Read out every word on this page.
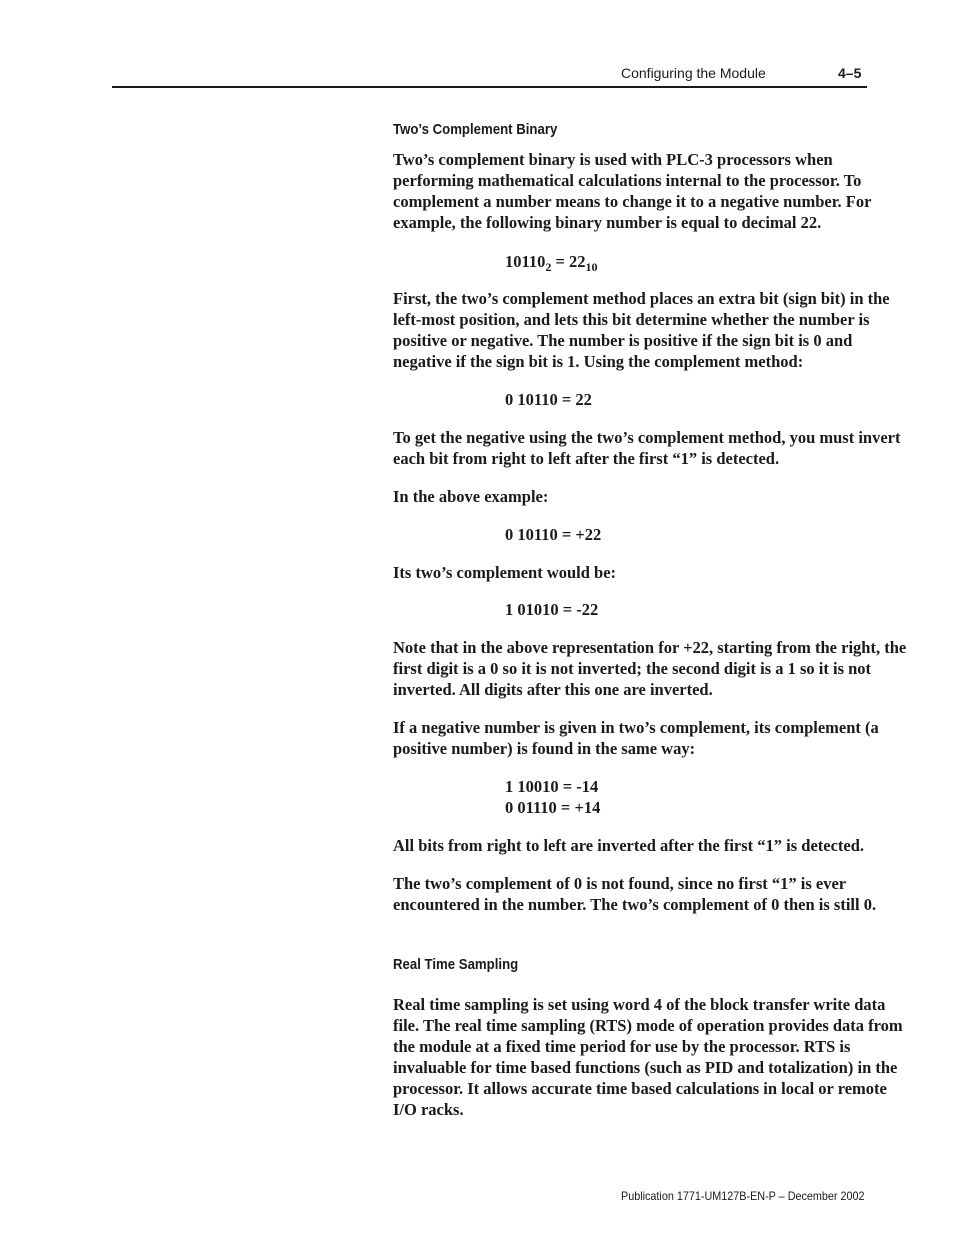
Configuring the Module	4–5
Two’s Complement Binary

Two’s complement binary is used with PLC-3 processors when performing mathematical calculations internal to the processor. To complement a number means to change it to a negative number. For example, the following binary number is equal to decimal 22.

$10110_2 = 22_{10}$

First, the two’s complement method places an extra bit (sign bit) in the left-most position, and lets this bit determine whether the number is positive or negative. The number is positive if the sign bit is 0 and negative if the sign bit is 1. Using the complement method:

0 10110 = 22

To get the negative using the two’s complement method, you must invert each bit from right to left after the first “1” is detected.

In the above example:

0 10110 = +22

Its two’s complement would be:

1 01010 = -22

Note that in the above representation for +22, starting from the right, the first digit is a 0 so it is not inverted; the second digit is a 1 so it is not inverted. All digits after this one are inverted.

If a negative number is given in two’s complement, its complement (a positive number) is found in the same way:

1 10010 = -14

0 01110 = +14

All bits from right to left are inverted after the first “1” is detected.

The two’s complement of 0 is not found, since no first “1” is ever encountered in the number. The two’s complement of 0 then is still 0.

Real Time Sampling

Real time sampling is set using word 4 of the block transfer write data file. The real time sampling (RTS) mode of operation provides data from the module at a fixed time period for use by the processor. RTS is invaluable for time based functions (such as PID and totalization) in the processor. It allows accurate time based calculations in local or remote I/O racks.

Publication 1771-UM127B-EN-P – December 2002
